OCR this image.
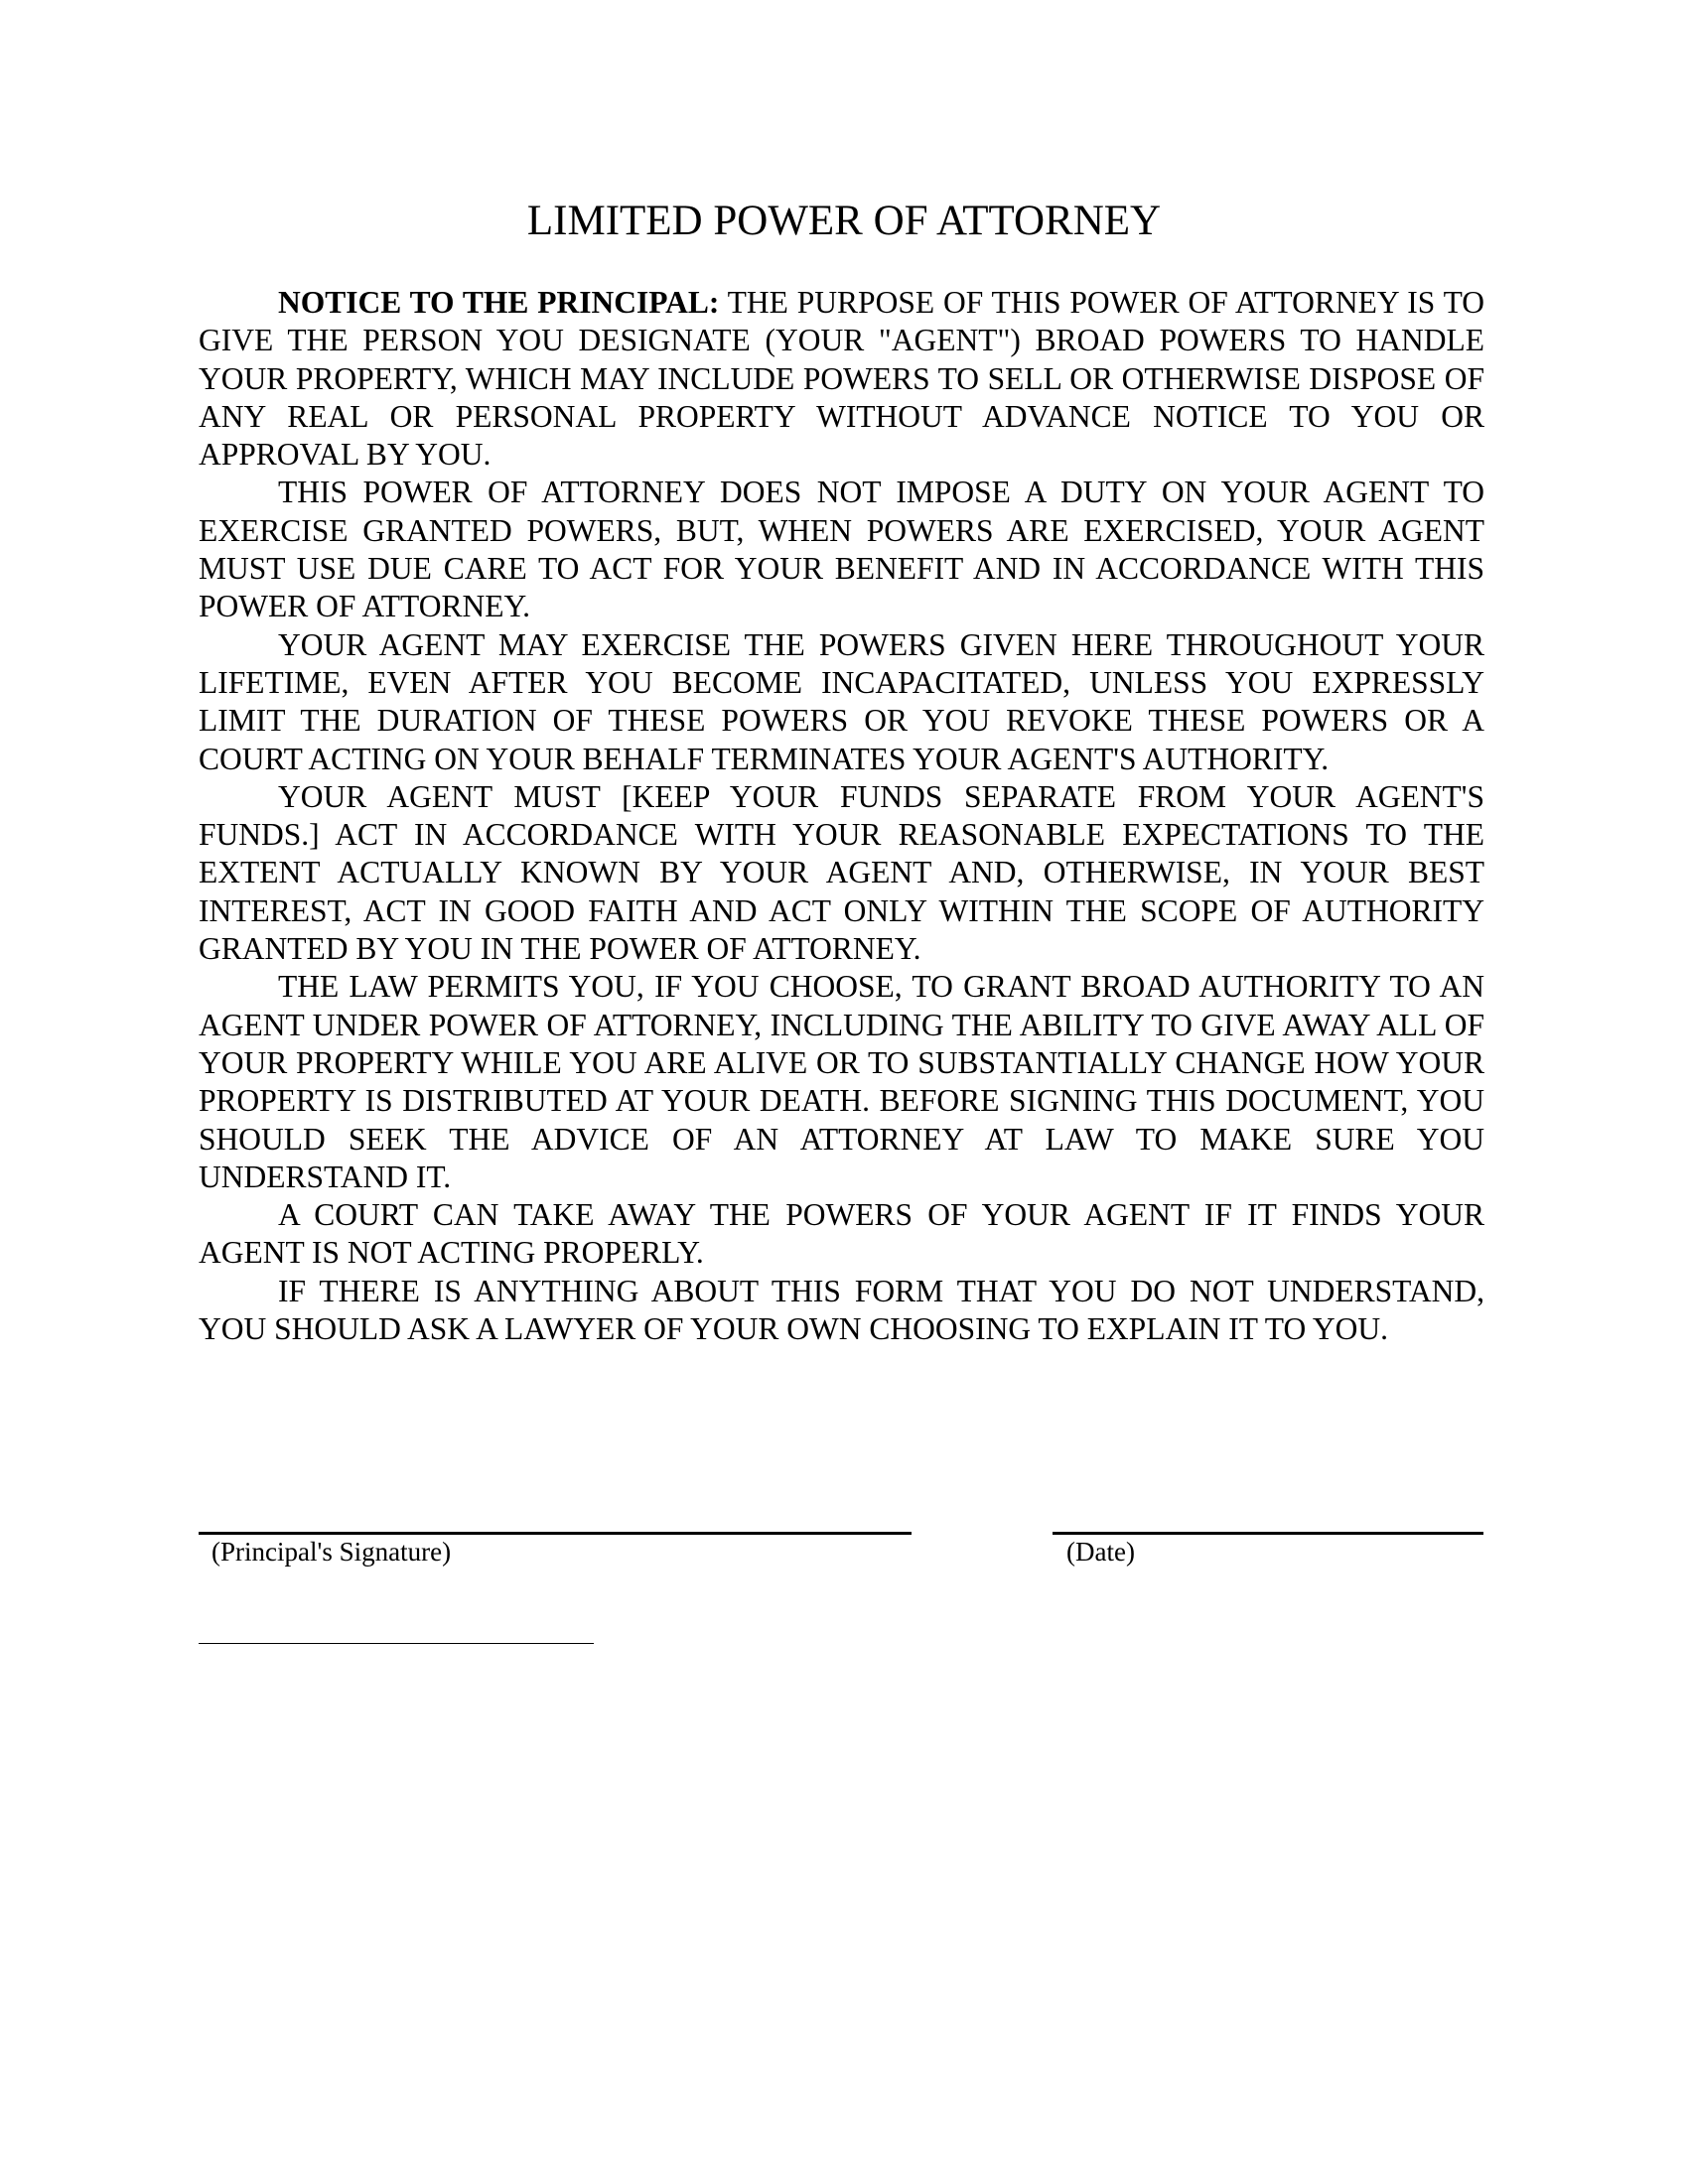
LIMITED POWER OF ATTORNEY

NOTICE TO THE PRINCIPAL: THE PURPOSE OF THIS POWER OF ATTORNEY IS TO GIVE THE PERSON YOU DESIGNATE (YOUR "AGENT") BROAD POWERS TO HANDLE YOUR PROPERTY, WHICH MAY INCLUDE POWERS TO SELL OR OTHERWISE DISPOSE OF ANY REAL OR PERSONAL PROPERTY WITHOUT ADVANCE NOTICE TO YOU OR APPROVAL BY YOU.

THIS POWER OF ATTORNEY DOES NOT IMPOSE A DUTY ON YOUR AGENT TO EXERCISE GRANTED POWERS, BUT, WHEN POWERS ARE EXERCISED, YOUR AGENT MUST USE DUE CARE TO ACT FOR YOUR BENEFIT AND IN ACCORDANCE WITH THIS POWER OF ATTORNEY.

YOUR AGENT MAY EXERCISE THE POWERS GIVEN HERE THROUGHOUT YOUR LIFETIME, EVEN AFTER YOU BECOME INCAPACITATED, UNLESS YOU EXPRESSLY LIMIT THE DURATION OF THESE POWERS OR YOU REVOKE THESE POWERS OR A COURT ACTING ON YOUR BEHALF TERMINATES YOUR AGENT'S AUTHORITY.

YOUR AGENT MUST [KEEP YOUR FUNDS SEPARATE FROM YOUR AGENT'S FUNDS.] ACT IN ACCORDANCE WITH YOUR REASONABLE EXPECTATIONS TO THE EXTENT ACTUALLY KNOWN BY YOUR AGENT AND, OTHERWISE, IN YOUR BEST INTEREST, ACT IN GOOD FAITH AND ACT ONLY WITHIN THE SCOPE OF AUTHORITY GRANTED BY YOU IN THE POWER OF ATTORNEY.

THE LAW PERMITS YOU, IF YOU CHOOSE, TO GRANT BROAD AUTHORITY TO AN AGENT UNDER POWER OF ATTORNEY, INCLUDING THE ABILITY TO GIVE AWAY ALL OF YOUR PROPERTY WHILE YOU ARE ALIVE OR TO SUBSTANTIALLY CHANGE HOW YOUR PROPERTY IS DISTRIBUTED AT YOUR DEATH. BEFORE SIGNING THIS DOCUMENT, YOU SHOULD SEEK THE ADVICE OF AN ATTORNEY AT LAW TO MAKE SURE YOU UNDERSTAND IT.

A COURT CAN TAKE AWAY THE POWERS OF YOUR AGENT IF IT FINDS YOUR AGENT IS NOT ACTING PROPERLY.

IF THERE IS ANYTHING ABOUT THIS FORM THAT YOU DO NOT UNDERSTAND, YOU SHOULD ASK A LAWYER OF YOUR OWN CHOOSING TO EXPLAIN IT TO YOU.

(Principal's Signature)	(Date)
